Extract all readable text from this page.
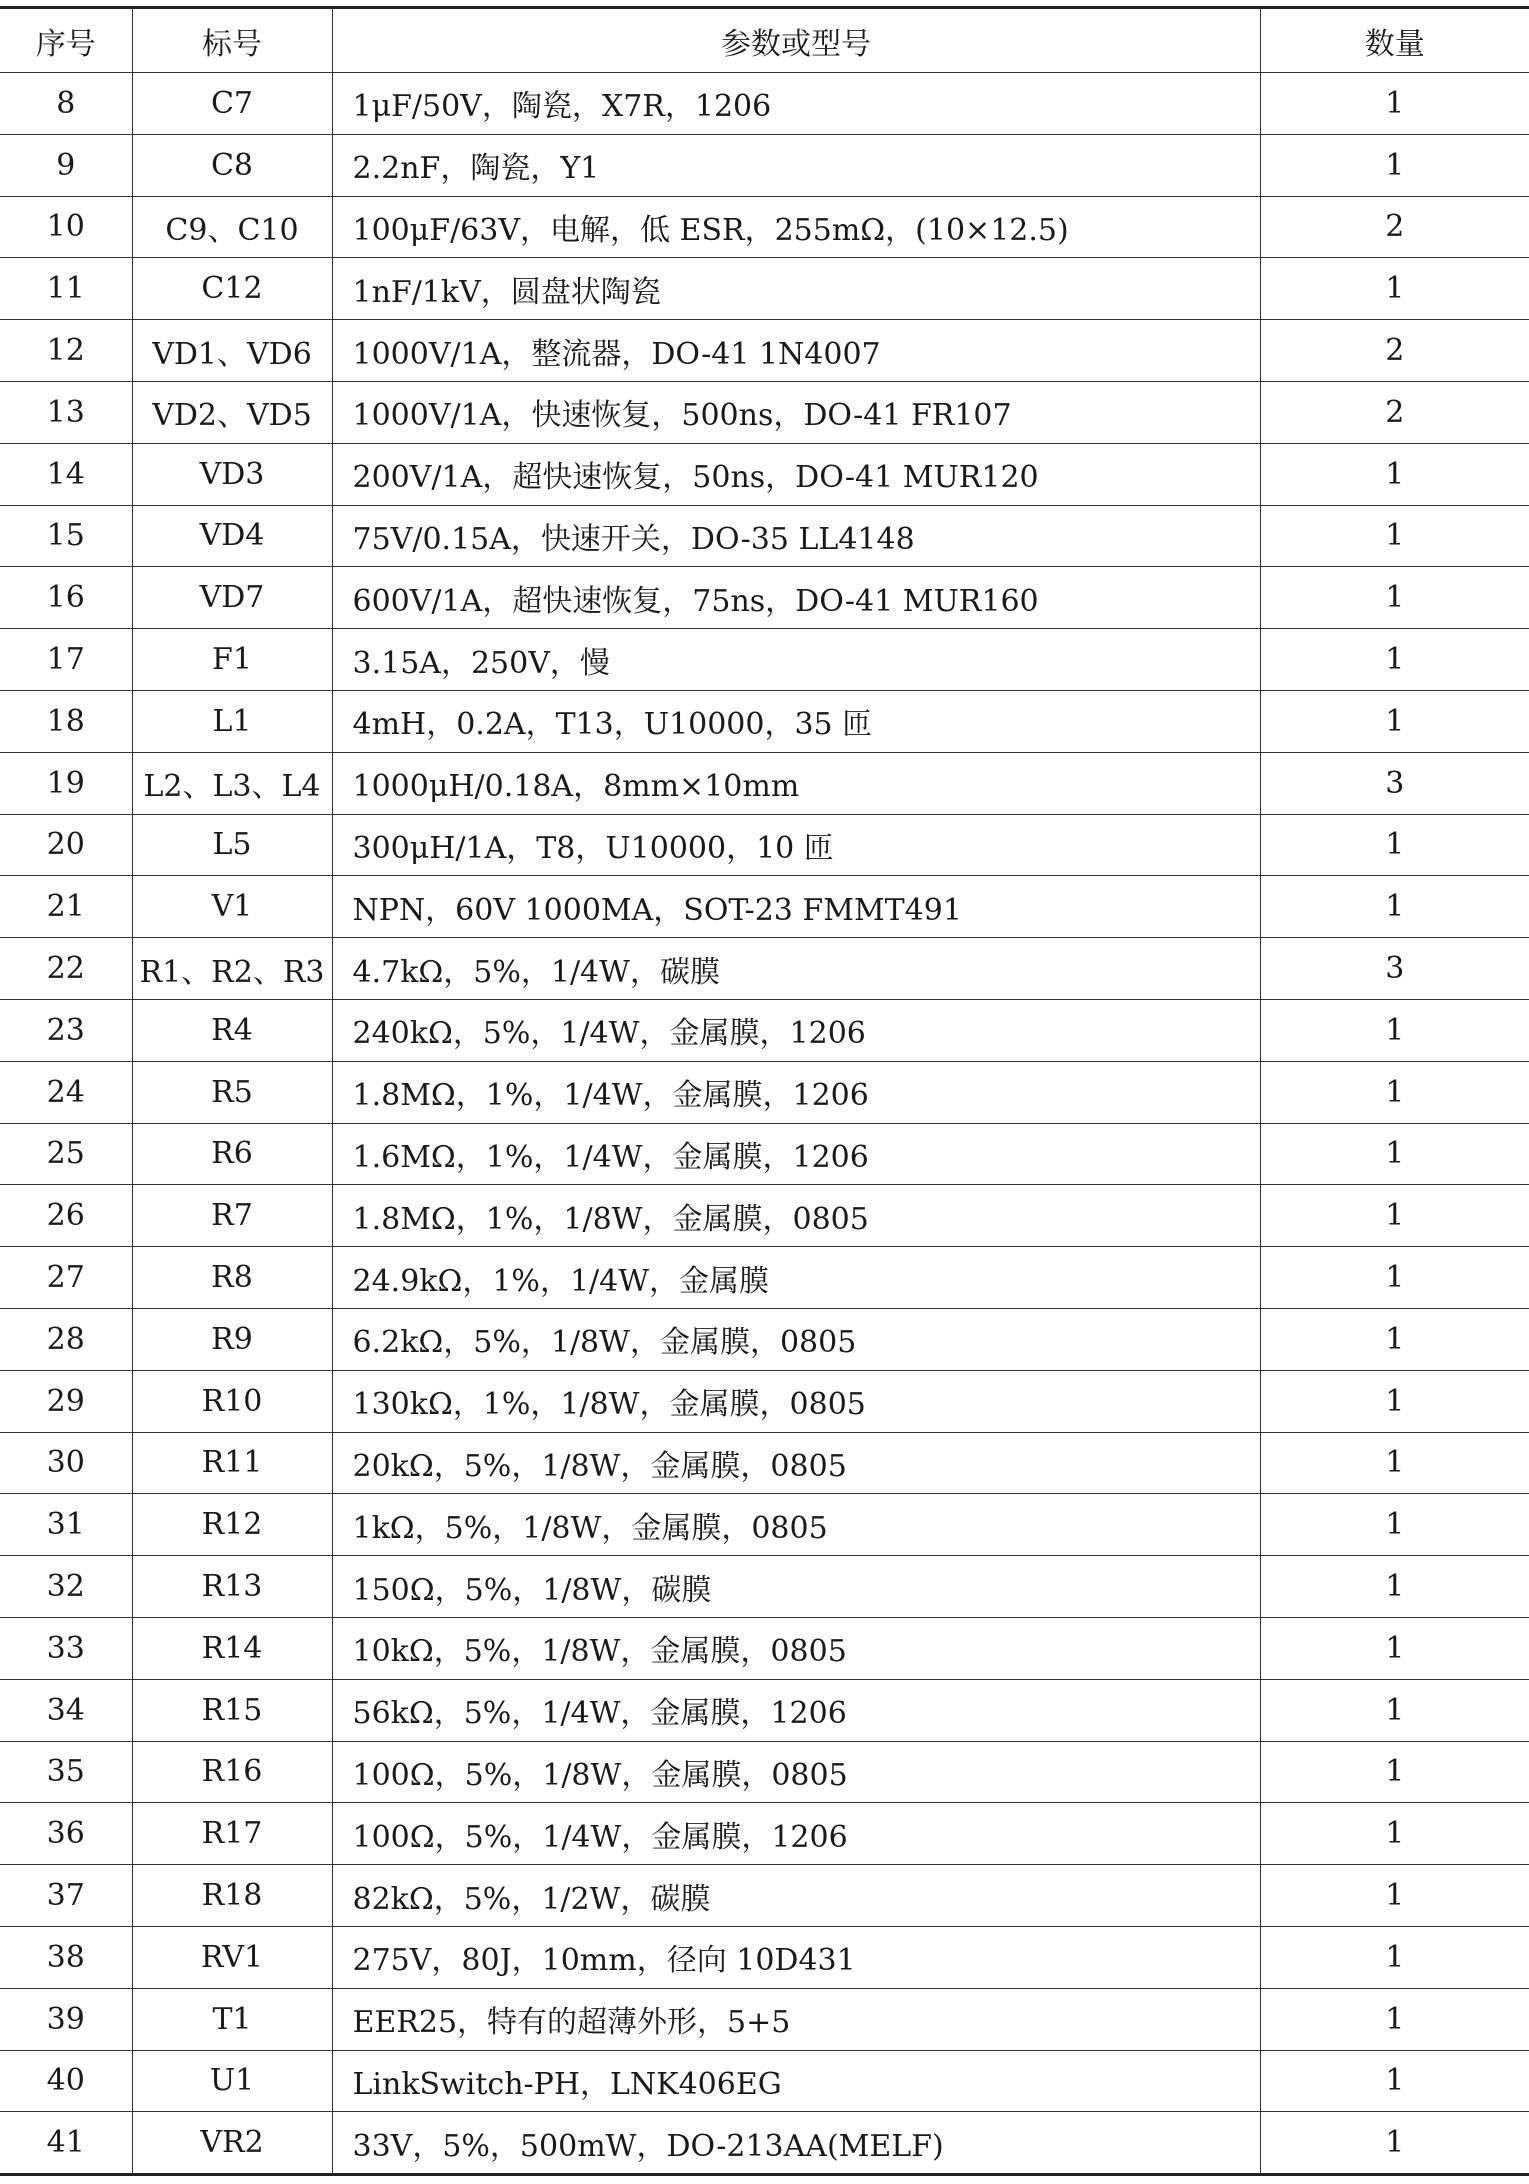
序号	标号	参数或型号	数量
8	C7	1μF/50V，陶瓷，X7R，1206	1
9	C8	2.2nF，陶瓷，Y1	1
10	C9、C10	100μF/63V，电解，低 ESR，255mΩ，(10×12.5)	2
11	C12	1nF/1kV，圆盘状陶瓷	1
12	VD1、VD6	1000V/1A，整流器，DO-41 1N4007	2
13	VD2、VD5	1000V/1A，快速恢复，500ns，DO-41 FR107	2
14	VD3	200V/1A，超快速恢复，50ns，DO-41 MUR120	1
15	VD4	75V/0.15A，快速开关，DO-35 LL4148	1
16	VD7	600V/1A，超快速恢复，75ns，DO-41 MUR160	1
17	F1	3.15A，250V，慢	1
18	L1	4mH，0.2A，T13，U10000，35 匝	1
19	L2、L3、L4	1000μH/0.18A，8mm×10mm	3
20	L5	300μH/1A，T8，U10000，10 匝	1
21	V1	NPN，60V 1000MA，SOT-23 FMMT491	1
22	R1、R2、R3	4.7kΩ，5%，1/4W，碳膜	3
23	R4	240kΩ，5%，1/4W，金属膜，1206	1
24	R5	1.8MΩ，1%，1/4W，金属膜，1206	1
25	R6	1.6MΩ，1%，1/4W，金属膜，1206	1
26	R7	1.8MΩ，1%，1/8W，金属膜，0805	1
27	R8	24.9kΩ，1%，1/4W，金属膜	1
28	R9	6.2kΩ，5%，1/8W，金属膜，0805	1
29	R10	130kΩ，1%，1/8W，金属膜，0805	1
30	R11	20kΩ，5%，1/8W，金属膜，0805	1
31	R12	1kΩ，5%，1/8W，金属膜，0805	1
32	R13	150Ω，5%，1/8W，碳膜	1
33	R14	10kΩ，5%，1/8W，金属膜，0805	1
34	R15	56kΩ，5%，1/4W，金属膜，1206	1
35	R16	100Ω，5%，1/8W，金属膜，0805	1
36	R17	100Ω，5%，1/4W，金属膜，1206	1
37	R18	82kΩ，5%，1/2W，碳膜	1
38	RV1	275V，80J，10mm，径向 10D431	1
39	T1	EER25，特有的超薄外形，5+5	1
40	U1	LinkSwitch-PH，LNK406EG	1
41	VR2	33V，5%，500mW，DO-213AA(MELF)	1
